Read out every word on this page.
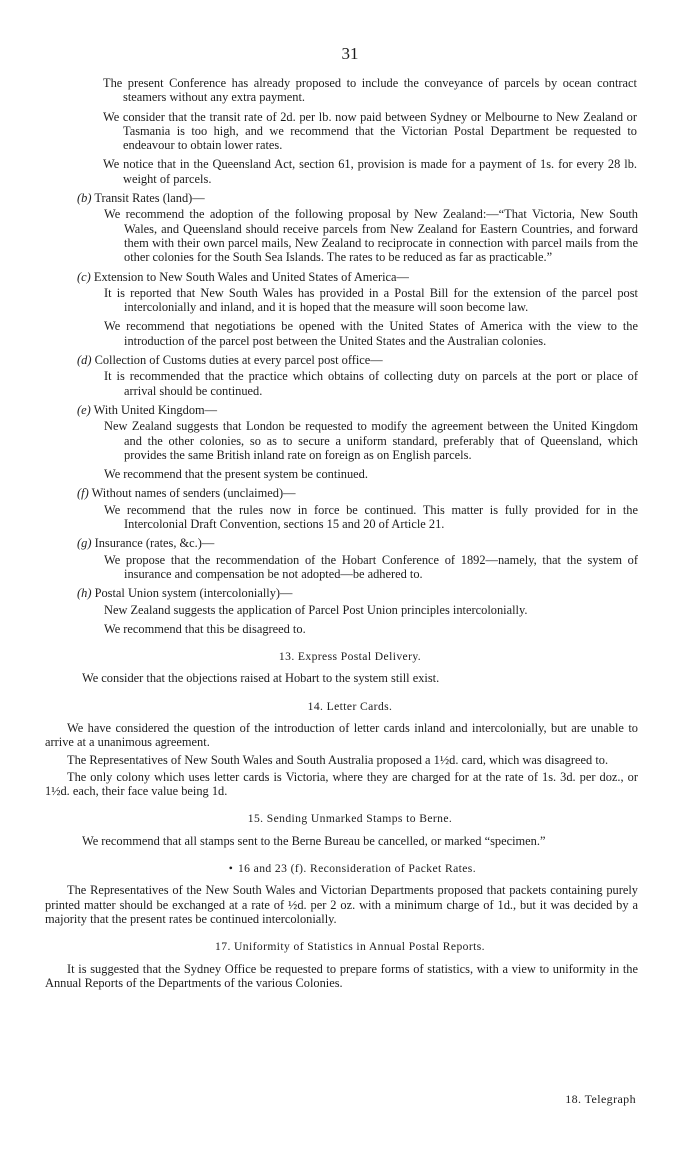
31

The present Conference has already proposed to include the conveyance of parcels by ocean contract steamers without any extra payment.

We consider that the transit rate of 2d. per lb. now paid between Sydney or Melbourne to New Zealand or Tasmania is too high, and we recommend that the Victorian Postal Department be requested to endeavour to obtain lower rates.

We notice that in the Queensland Act, section 61, provision is made for a payment of 1s. for every 28 lb. weight of parcels.

(b) Transit Rates (land)—

We recommend the adoption of the following proposal by New Zealand:—“That Victoria, New South Wales, and Queensland should receive parcels from New Zealand for Eastern Countries, and forward them with their own parcel mails, New Zealand to reciprocate in connection with parcel mails from the other colonies for the South Sea Islands. The rates to be reduced as far as practicable.”

(c) Extension to New South Wales and United States of America—

It is reported that New South Wales has provided in a Postal Bill for the extension of the parcel post intercolonially and inland, and it is hoped that the measure will soon become law.

We recommend that negotiations be opened with the United States of America with the view to the introduction of the parcel post between the United States and the Australian colonies.

(d) Collection of Customs duties at every parcel post office—

It is recommended that the practice which obtains of collecting duty on parcels at the port or place of arrival should be continued.

(e) With United Kingdom—

New Zealand suggests that London be requested to modify the agreement between the United Kingdom and the other colonies, so as to secure a uniform standard, preferably that of Queensland, which provides the same British inland rate on foreign as on English parcels.

We recommend that the present system be continued.

(f) Without names of senders (unclaimed)—

We recommend that the rules now in force be continued. This matter is fully provided for in the Intercolonial Draft Convention, sections 15 and 20 of Article 21.

(g) Insurance (rates, &c.)—

We propose that the recommendation of the Hobart Conference of 1892—namely, that the system of insurance and compensation be not adopted—be adhered to.

(h) Postal Union system (intercolonially)—

New Zealand suggests the application of Parcel Post Union principles intercolonially.

We recommend that this be disagreed to.

13. Express Postal Delivery.

We consider that the objections raised at Hobart to the system still exist.

14. Letter Cards.

We have considered the question of the introduction of letter cards inland and intercolonially, but are unable to arrive at a unanimous agreement.

The Representatives of New South Wales and South Australia proposed a 1½d. card, which was disagreed to.

The only colony which uses letter cards is Victoria, where they are charged for at the rate of 1s. 3d. per doz., or 1½d. each, their face value being 1d.

15. Sending Unmarked Stamps to Berne.

We recommend that all stamps sent to the Berne Bureau be cancelled, or marked “specimen.”

• 16 and 23 (f). Reconsideration of Packet Rates.

The Representatives of the New South Wales and Victorian Departments proposed that packets containing purely printed matter should be exchanged at a rate of ½d. per 2 oz. with a minimum charge of 1d., but it was decided by a majority that the present rates be continued intercolonially.

17. Uniformity of Statistics in Annual Postal Reports.

It is suggested that the Sydney Office be requested to prepare forms of statistics, with a view to uniformity in the Annual Reports of the Departments of the various Colonies.

18. Telegraph
